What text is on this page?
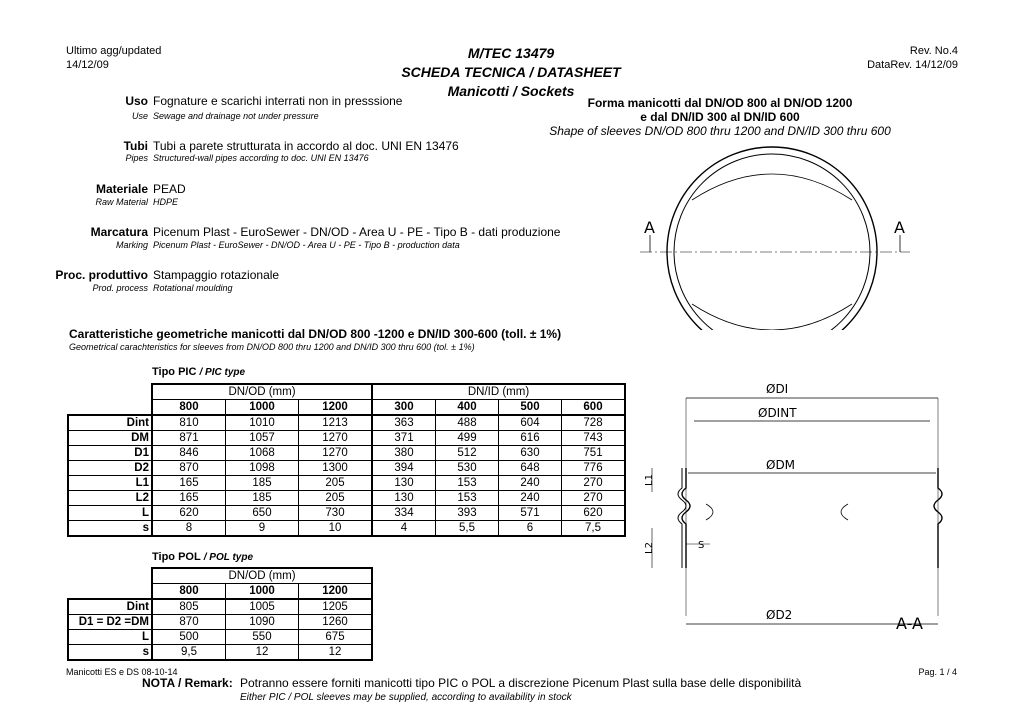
Ultimo agg/updated
14/12/09
M/TEC 13479
SCHEDA TECNICA / DATASHEET
Manicotti / Sockets
Rev. No.4
DataRev. 14/12/09
Uso Fognature e scarichi interrati non in presssione
Use Sewage and drainage not under pressure
Tubi Tubi a parete strutturata in accordo al doc. UNI EN 13476
Pipes Structured-wall pipes according to doc. UNI EN 13476
Materiale PEAD
Raw Material HDPE
Marcatura Picenum Plast - EuroSewer - DN/OD - Area U - PE - Tipo B - dati produzione
Marking Picenum Plast - EuroSewer - DN/OD - Area U - PE - Tipo B - production data
Proc. produttivo Stampaggio rotazionale
Prod. process Rotational moulding
Forma manicotti dal DN/OD 800 al DN/OD 1200
e dal DN/ID 300 al DN/ID 600
Shape of sleeves DN/OD 800 thru 1200 and DN/ID 300 thru 600
Caratteristiche geometriche manicotti dal DN/OD 800 -1200 e DN/ID 300-600 (toll. ± 1%)
Geometrical carachteristics for sleeves from DN/OD 800 thru 1200 and DN/ID 300 thru 600 (tol. ± 1%)
Tipo PIC / PIC type
	DN/OD (mm)			DN/ID (mm)			
	800	1000	1200	300	400	500	600
Dint	810	1010	1213	363	488	604	728
DM	871	1057	1270	371	499	616	743
D1	846	1068	1270	380	512	630	751
D2	870	1098	1300	394	530	648	776
L1	165	185	205	130	153	240	270
L2	165	185	205	130	153	240	270
L	620	650	730	334	393	571	620
s	8	9	10	4	5,5	6	7,5
Tipo POL / POL type
	DN/OD (mm)		
	800	1000	1200
Dint	805	1005	1205
D1 = D2 =DM	870	1090	1260
L	500	550	675
s	9,5	12	12
A	A
ØDI
ØDINT
ØDM
ØD2
L1
L2	S
A-A
Manicotti ES e DS 08-10-14	Pag. 1 / 4
NOTA / Remark: Potranno essere forniti manicotti tipo PIC o POL a discrezione Picenum Plast sulla base delle disponibilità
Either PIC / POL sleeves may be supplied, according to availability in stock
